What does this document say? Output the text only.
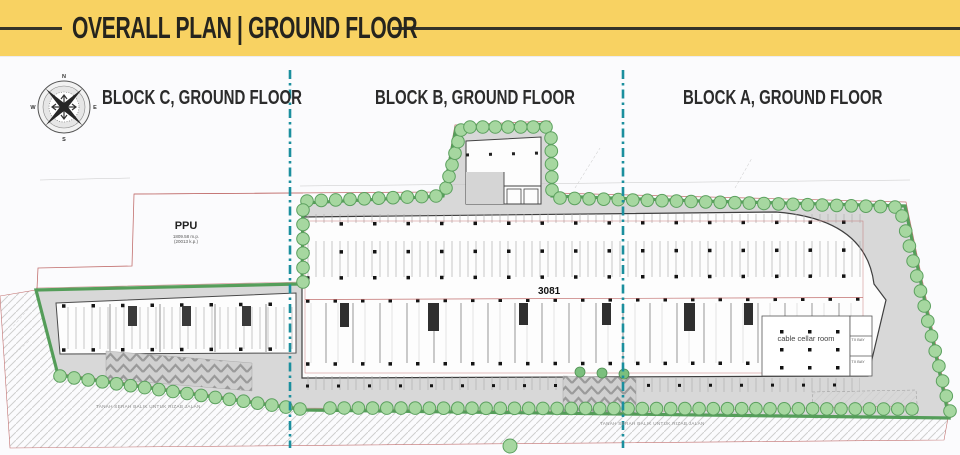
N
E
S
W
PPU
1809.58 m.p.
(20013 k.p.)
3081
cable cellar room	TX BAY
TX BAY
TANAH SERAH BALIK UNTUK RIZAB JALAN
TANAH SERAH BALIK UNTUK RIZAB JALAN
BLOCK C, GROUND FLOOR	BLOCK B, GROUND FLOOR	BLOCK A, GROUND FLOOR
OVERALL PLAN | GROUND FLOOR
